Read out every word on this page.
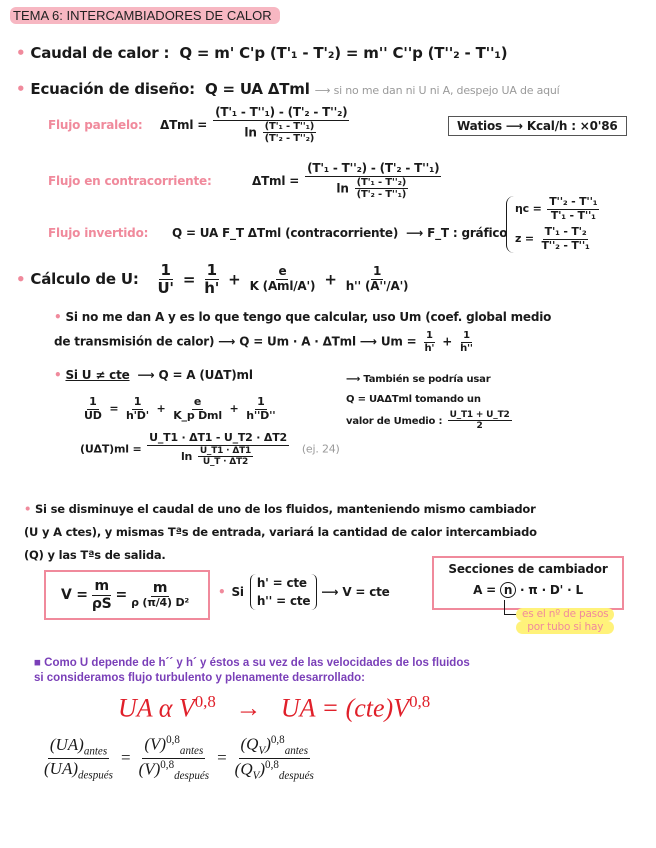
TEMA 6: INTERCAMBIADORES DE CALOR
• Caudal de calor : Q = m' C'p (T'₁ - T'₂) = m'' C''p (T''₂ - T''₁)
• Ecuación de diseño: Q = UA ΔTml ⟶ si no me dan ni U ni A, despejo UA de aquí
Flujo paralelo: $\Delta Tml = \frac{\text{(T'₁ - T''₁) - (T'₂ - T''₂)}}{\ln \frac{\text{(T'₁ - T''₁)}}{\text{(T'₂ - T''₂)}}}$	Watios ⟶ Kcal/h : ×0'86
Flujo en contracorriente:	$\Delta Tml = \frac{\text{(T'₁ - T''₂) - (T'₂ - T''₁)}}{\ln \frac{\text{(T'₁ - T''₂)}}{\text{(T'₂ - T''₁)}}}$
Flujo invertido: Q = UA F_T ΔTml (contracorriente) ⟶ F_T : gráfico
$\eta c = \frac{\text{T''₂ - T''₁}}{\text{T'₁ - T''₁}}$
$z = \frac{\text{T'₁ - T'₂}}{\text{T''₂ - T''₁}}$
• Cálculo de U: $\frac{1}{U'} = \frac{1}{h'} + \frac{e}{\text{K (Aml/A')}} + \frac{1}{h'' (A''/A')}$
• Si no me dan A y es lo que tengo que calcular, uso Um (coef. global medio
de transmisión de calor) ⟶ Q = Um · A · ΔTml ⟶ $Um = \frac{1}{h'} + \frac{1}{h''}$
• Si U ≠ cte ⟶ Q = A (UΔT)ml	⟶ También se podría usar
Q = UAΔTml tomando un
valor de Umedio : $\frac{U\_T1 + U\_T2}{2}$
$\frac{1}{UD} = \frac{1}{h'D'} + \frac{e}{\text{K\_p Dml}} + \frac{1}{h''D''}$
$(U\Delta T)ml = \frac{U\_T1 \cdot \Delta T1 - U\_T2 \cdot \Delta T2}{\ln \frac{U\_T1 \cdot \Delta T1}{U\_T \cdot \Delta T2}} (ej$. 24)
• Si se disminuye el caudal de uno de los fluidos, manteniendo mismo cambiador
(U y A ctes), y mismas Tªs de entrada, variará la cantidad de calor intercambiado
(Q) y las Tªs de salida.
$V = \frac{m}{\rho S} = \frac{m}{\text{ρ (π/4) D²}}$ • Si
h' = cte
h'' = cte
⟶ V = cte
Secciones de cambiador
A = n · π · D' · L
es el nº de pasos
por tubo si hay
■ Como U depende de h´´ y h´ y éstos a su vez de las velocidades de los fluidos
si consideramos flujo turbulento y plenamente desarrollado:
UA α V$^{0,8}$ → UA = $(cte)V^{0,8}$
$\frac{(UA)_{antes}}{(UA)_{después}} = \frac{(V)^{0,8}_{antes}}{(V)^{0,8}_{después}} = \frac{(Q_V)^{0,8}_{antes}}{(Q_V)^{0,8}_{después}}$
